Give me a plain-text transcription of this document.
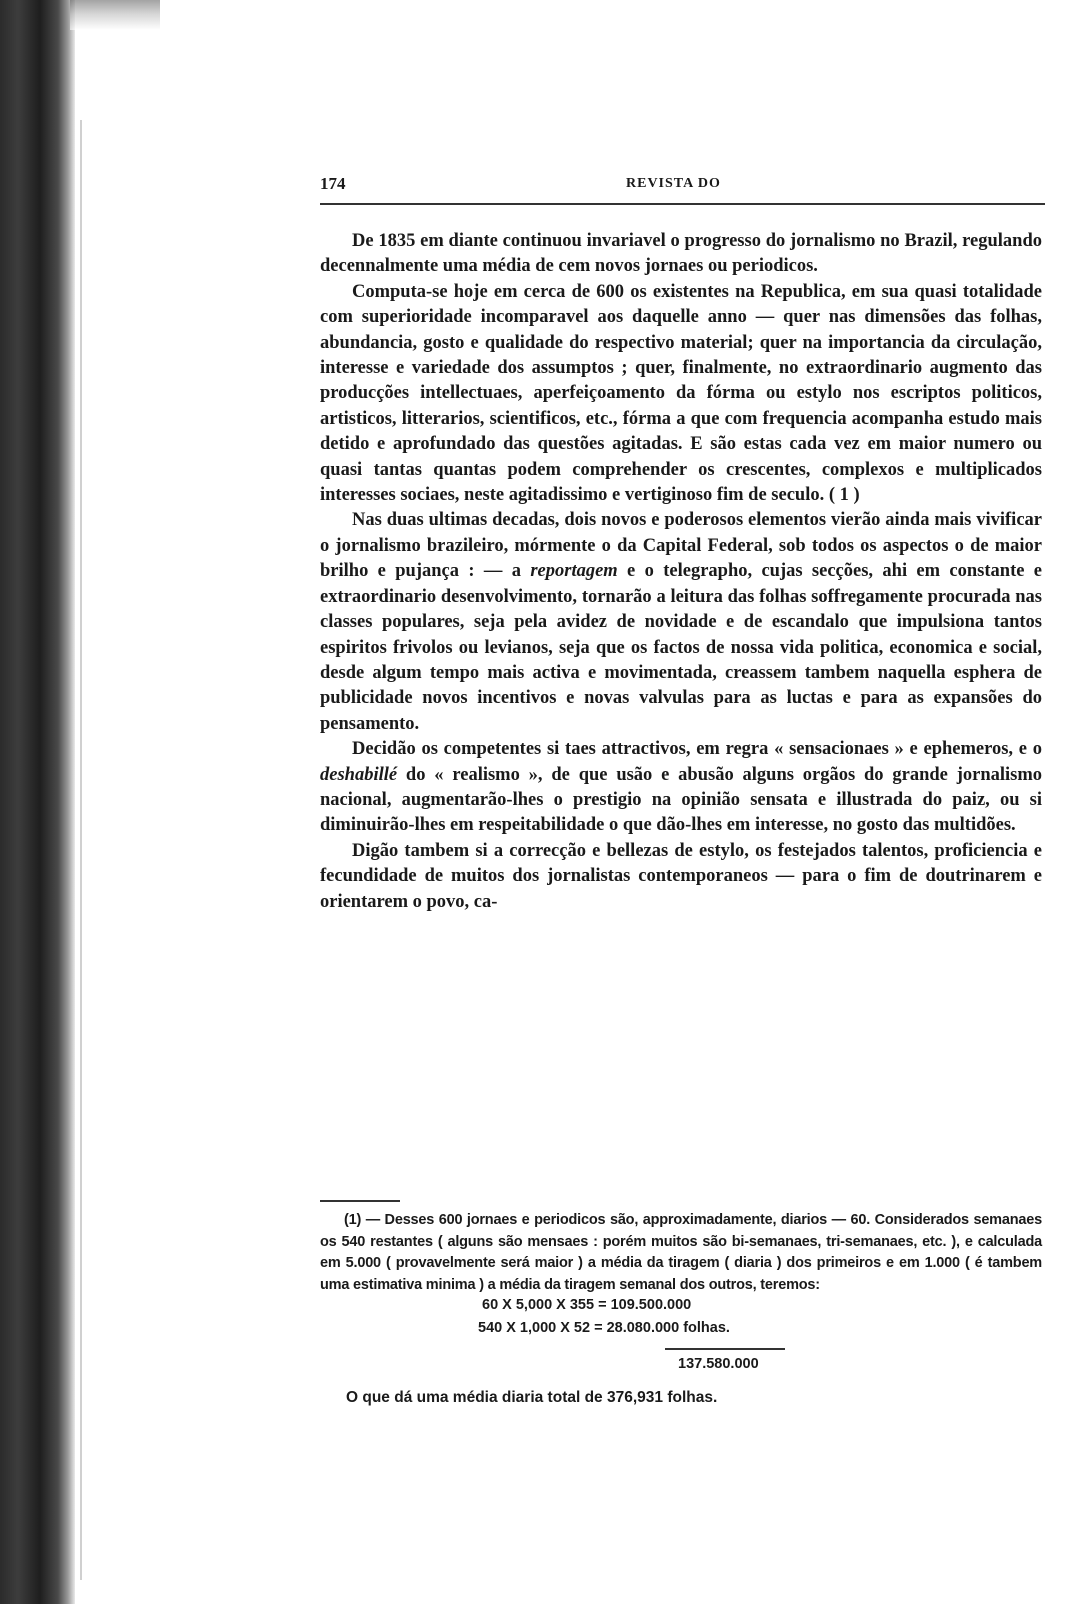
174	REVISTA DO

De 1835 em diante continuou invariavel o progresso do jornalismo no Brazil, regulando decennalmente uma média de cem novos jornaes ou periodicos.

Computa-se hoje em cerca de 600 os existentes na Republica, em sua quasi totalidade com superioridade incomparavel aos daquelle anno — quer nas dimensões das folhas, abundancia, gosto e qualidade do respectivo material; quer na importancia da circulação, interesse e variedade dos assumptos ; quer, finalmente, no extraordinario augmento das producções intellectuaes, aperfeiçoamento da fórma ou estylo nos escriptos politicos, artisticos, litterarios, scientificos, etc., fórma a que com frequencia acompanha estudo mais detido e aprofundado das questões agitadas. E são estas cada vez em maior numero ou quasi tantas quantas podem comprehender os crescentes, complexos e multiplicados interesses sociaes, neste agitadissimo e vertiginoso fim de seculo. ( 1 )

Nas duas ultimas decadas, dois novos e poderosos elementos vierão ainda mais vivificar o jornalismo brazileiro, mórmente o da Capital Federal, sob todos os aspectos o de maior brilho e pujança : — a reportagem e o telegrapho, cujas secções, ahi em constante e extraordinario desenvolvimento, tornarão a leitura das folhas soffregamente procurada nas classes populares, seja pela avidez de novidade e de escandalo que impulsiona tantos espiritos frivolos ou levianos, seja que os factos de nossa vida politica, economica e social, desde algum tempo mais activa e movimentada, creassem tambem naquella esphera de publicidade novos incentivos e novas valvulas para as luctas e para as expansões do pensamento.

Decidão os competentes si taes attractivos, em regra « sensacionaes » e ephemeros, e o deshabillé do « realismo », de que usão e abusão alguns orgãos do grande jornalismo nacional, augmentarão-lhes o prestigio na opinião sensata e illustrada do paiz, ou si diminuirão-lhes em respeitabilidade o que dão-lhes em interesse, no gosto das multidões.

Digão tambem si a correcção e bellezas de estylo, os festejados talentos, proficiencia e fecundidade de muitos dos jornalistas contemporaneos — para o fim de doutrinarem e orientarem o povo, ca-

(1) — Desses 600 jornaes e periodicos são, approximadamente, diarios — 60. Considerados semanaes os 540 restantes ( alguns são mensaes : porém muitos são bi-semanaes, tri-semanaes, etc. ), e calculada em 5.000 ( provavelmente será maior ) a média da tiragem ( diaria ) dos primeiros e em 1.000 ( é tambem uma estimativa minima ) a média da tiragem semanal dos outros, teremos:

60 X 5,000 X 355 = 109.500.000
540 X 1,000 X 52 = 28.080.000 folhas.
137.580.000
O que dá uma média diaria total de 376,931 folhas.
